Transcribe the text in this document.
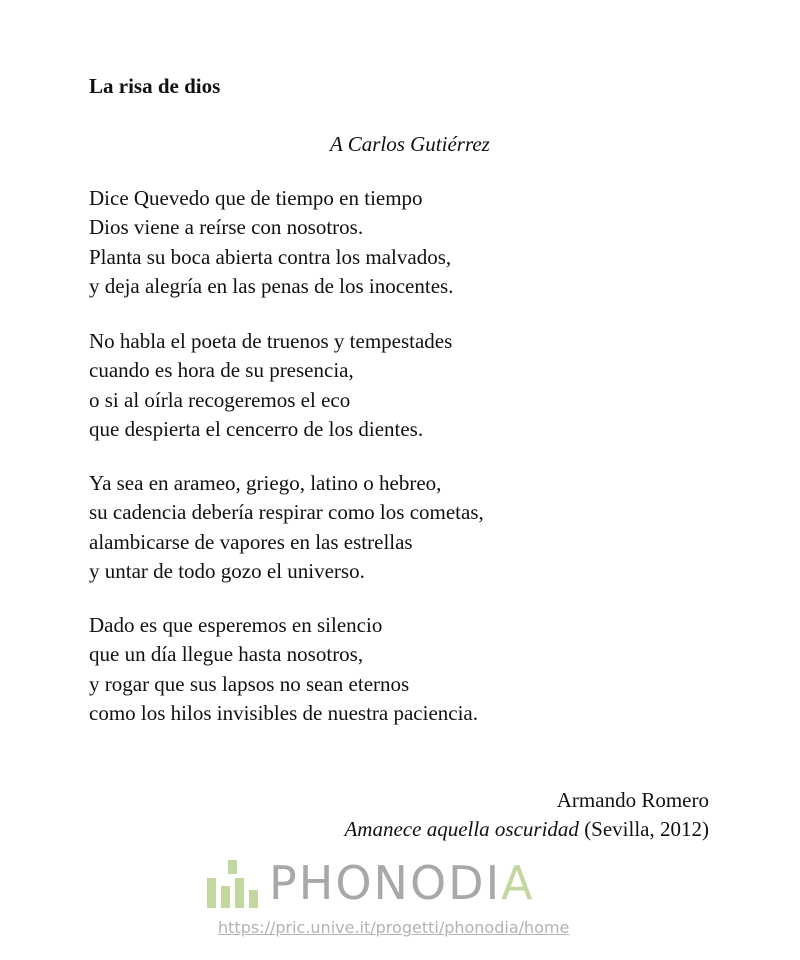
La risa de dios
A Carlos Gutiérrez
Dice Quevedo que de tiempo en tiempo
Dios viene a reírse con nosotros.
Planta su boca abierta contra los malvados,
y deja alegría en las penas de los inocentes.
No habla el poeta de truenos y tempestades
cuando es hora de su presencia,
o si al oírla recogeremos el eco
que despierta el cencerro de los dientes.
Ya sea en arameo, griego, latino o hebreo,
su cadencia debería respirar como los cometas,
alambicarse de vapores en las estrellas
y untar de todo gozo el universo.
Dado es que esperemos en silencio
que un día llegue hasta nosotros,
y rogar que sus lapsos no sean eternos
como los hilos invisibles de nuestra paciencia.
Armando Romero
Amanece aquella oscuridad (Sevilla, 2012)
PHONODIA
https://pric.unive.it/progetti/phonodia/home
